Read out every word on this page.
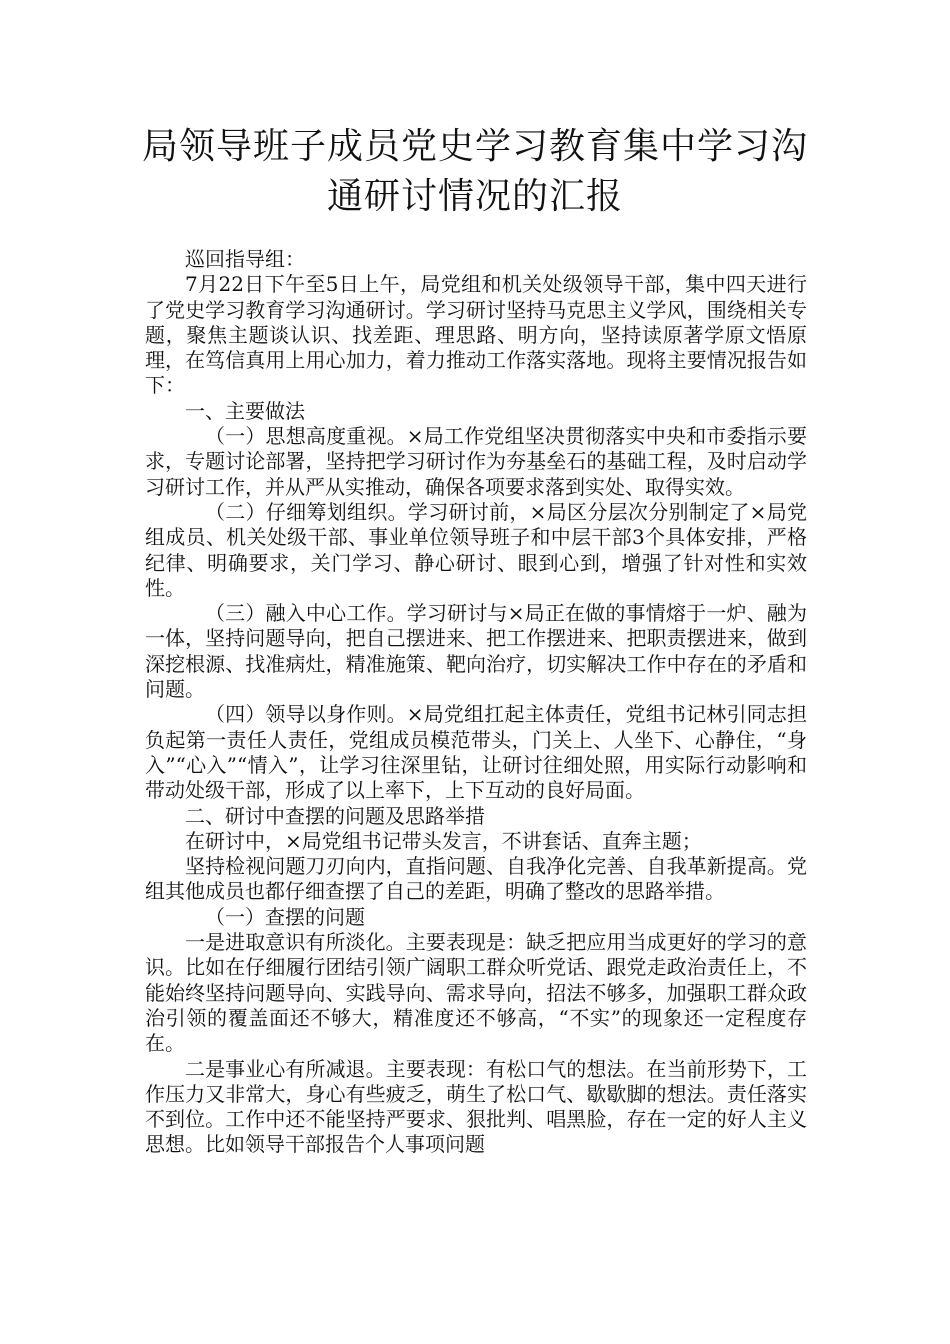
局领导班子成员党史学习教育集中学习沟
通研讨情况的汇报

巡回指导组：

7月22日下午至5日上午，局党组和机关处级领导干部，集中四天进行了党史学习教育学习沟通研讨。学习研讨坚持马克思主义学风，围绕相关专题，聚焦主题谈认识、找差距、理思路、明方向，坚持读原著学原文悟原理，在笃信真用上用心加力，着力推动工作落实落地。现将主要情况报告如下：

一、主要做法

（一）思想高度重视。×局工作党组坚决贯彻落实中央和市委指示要求，专题讨论部署，坚持把学习研讨作为夯基垒石的基础工程，及时启动学习研讨工作，并从严从实推动，确保各项要求落到实处、取得实效。

（二）仔细筹划组织。学习研讨前，×局区分层次分别制定了×局党组成员、机关处级干部、事业单位领导班子和中层干部3个具体安排，严格纪律、明确要求，关门学习、静心研讨、眼到心到，增强了针对性和实效性。

（三）融入中心工作。学习研讨与×局正在做的事情熔于一炉、融为一体，坚持问题导向，把自己摆进来、把工作摆进来、把职责摆进来，做到深挖根源、找准病灶，精准施策、靶向治疗，切实解决工作中存在的矛盾和问题。

（四）领导以身作则。×局党组扛起主体责任，党组书记林引同志担负起第一责任人责任，党组成员模范带头，门关上、人坐下、心静住，“身入”“心入”“情入”，让学习往深里钻，让研讨往细处照，用实际行动影响和带动处级干部，形成了以上率下，上下互动的良好局面。

二、研讨中查摆的问题及思路举措

在研讨中，×局党组书记带头发言，不讲套话、直奔主题；

坚持检视问题刀刃向内，直指问题、自我净化完善、自我革新提高。党组其他成员也都仔细查摆了自己的差距，明确了整改的思路举措。

（一）查摆的问题

一是进取意识有所淡化。主要表现是：缺乏把应用当成更好的学习的意识。比如在仔细履行团结引领广阔职工群众听党话、跟党走政治责任上，不能始终坚持问题导向、实践导向、需求导向，招法不够多，加强职工群众政治引领的覆盖面还不够大，精准度还不够高，“不实”的现象还一定程度存在。

二是事业心有所减退。主要表现：有松口气的想法。在当前形势下，工作压力又非常大，身心有些疲乏，萌生了松口气、歇歇脚的想法。责任落实不到位。工作中还不能坚持严要求、狠批判、唱黑脸，存在一定的好人主义思想。比如领导干部报告个人事项问题
